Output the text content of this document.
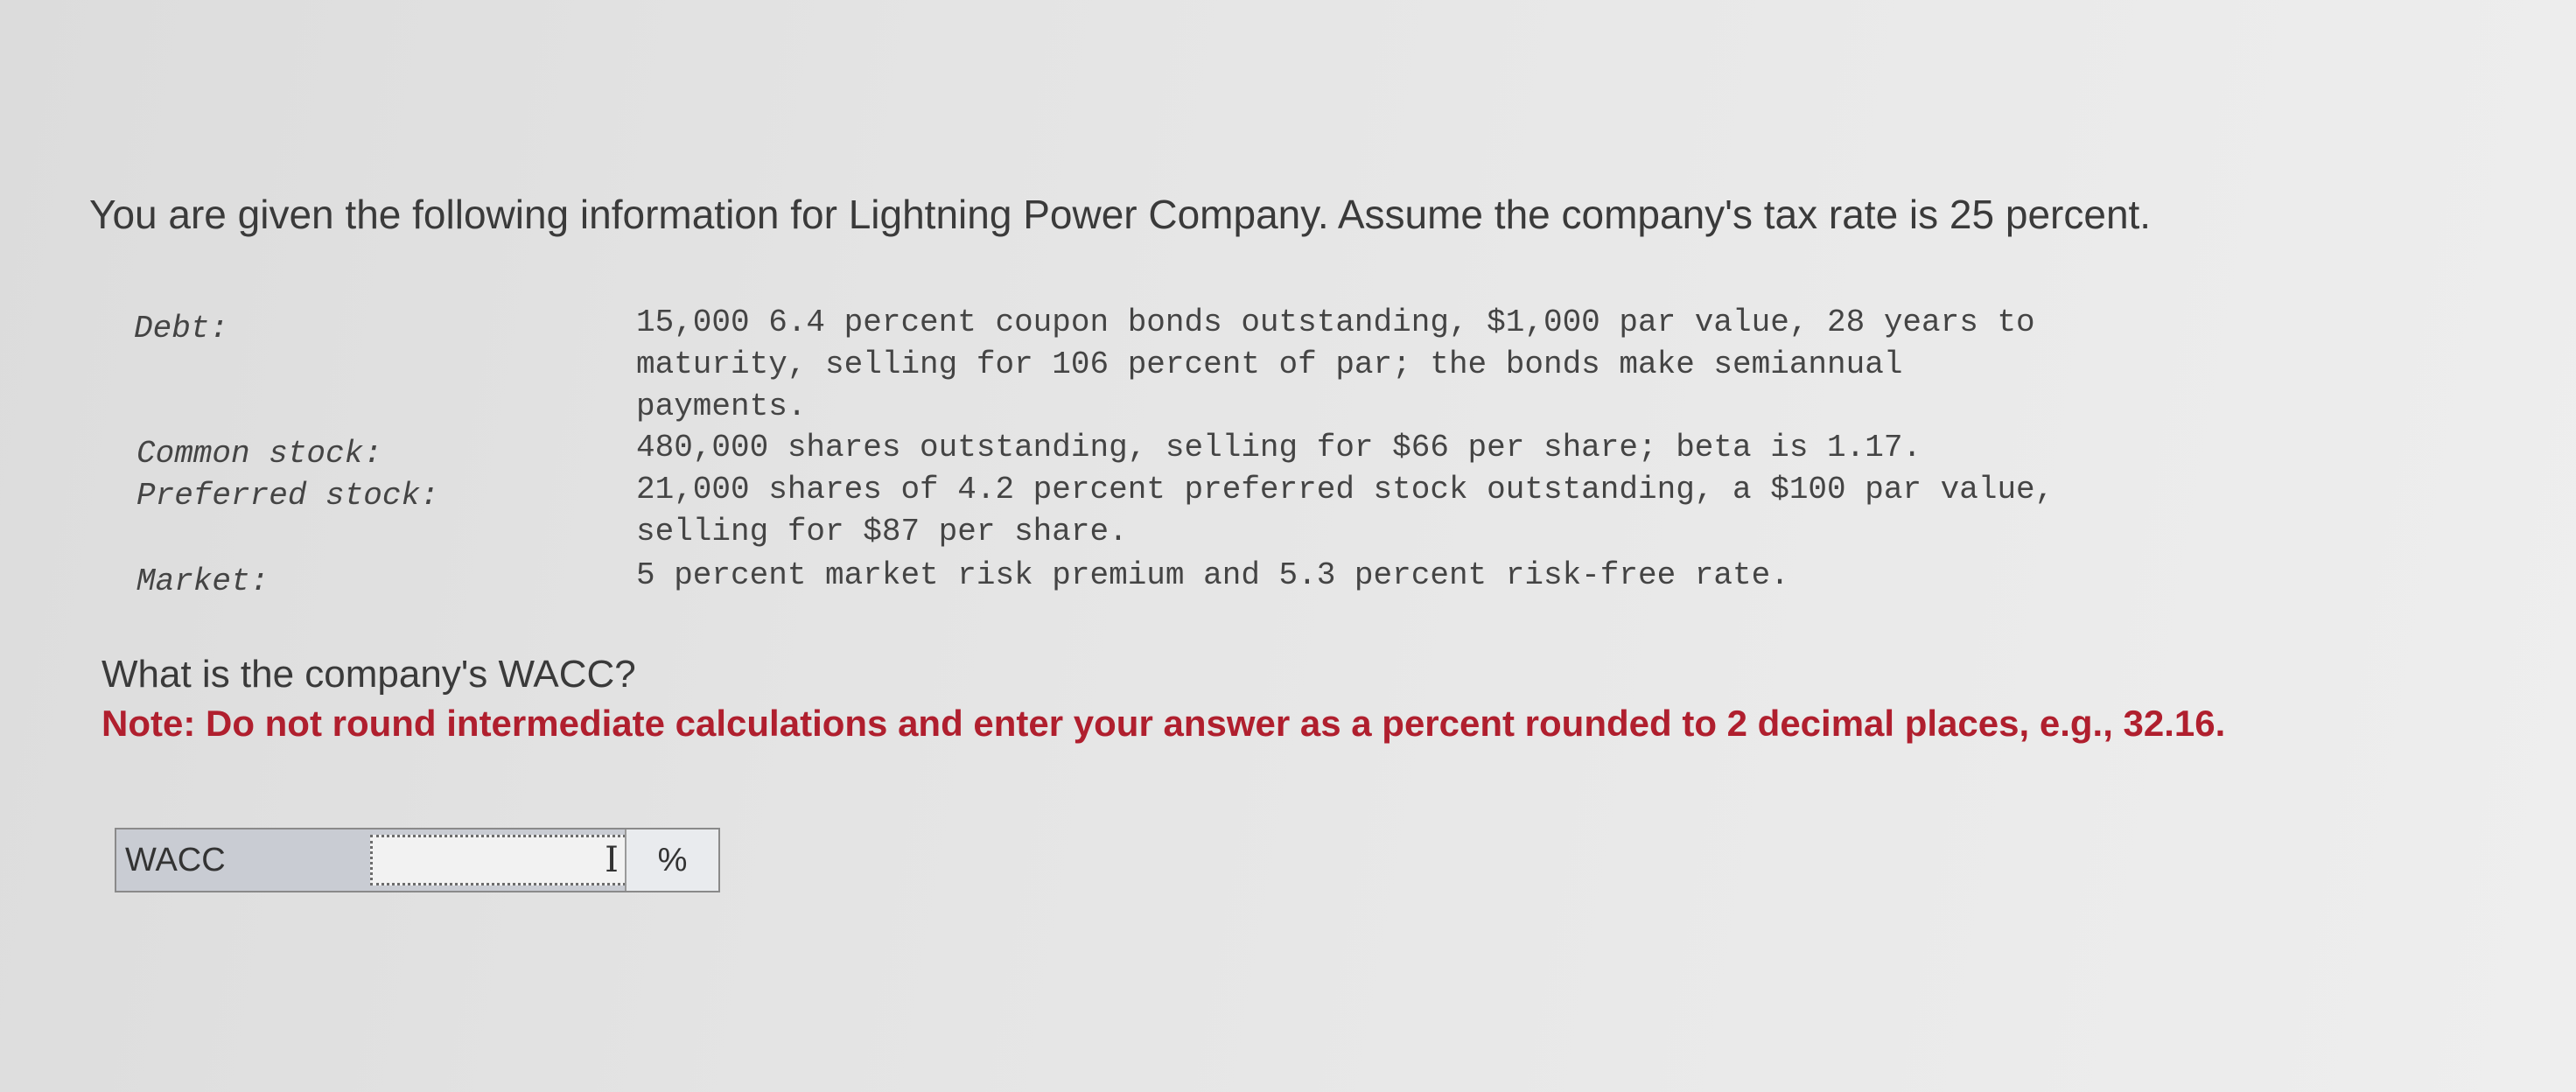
You are given the following information for Lightning Power Company. Assume the company's tax rate is 25 percent.
Debt:	15,000 6.4 percent coupon bonds outstanding, $1,000 par value, 28 years to maturity, selling for 106 percent of par; the bonds make semiannual payments.
Common stock:	480,000 shares outstanding, selling for $66 per share; beta is 1.17.
Preferred stock:	21,000 shares of 4.2 percent preferred stock outstanding, a $100 par value, selling for $87 per share.
Market:	5 percent market risk premium and 5.3 percent risk-free rate.
What is the company's WACC?
Note: Do not round intermediate calculations and enter your answer as a percent rounded to 2 decimal places, e.g., 32.16.
WACC	I	%
